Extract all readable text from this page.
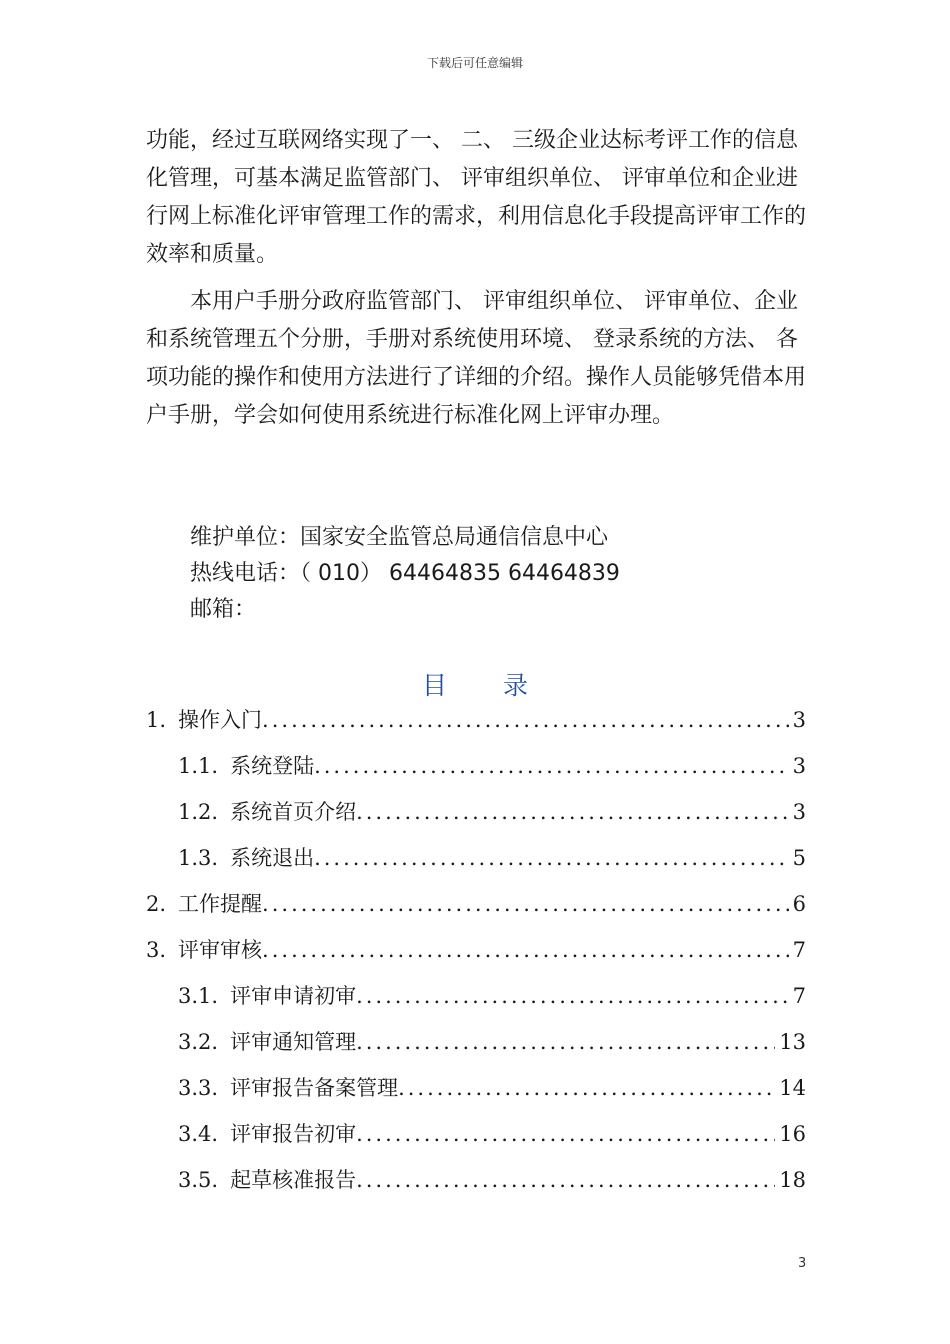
下载后可任意编辑

功能，经过互联网络实现了一、 二、 三级企业达标考评工作的信息化管理，可基本满足监管部门、 评审组织单位、 评审单位和企业进行网上标准化评审管理工作的需求，利用信息化手段提高评审工作的效率和质量。

本用户手册分政府监管部门、 评审组织单位、 评审单位、企业和系统管理五个分册，手册对系统使用环境、 登录系统的方法、 各项功能的操作和使用方法进行了详细的介绍。操作人员能够凭借本用户手册，学会如何使用系统进行标准化网上评审办理。

维护单位：国家安全监管总局通信信息中心
热线电话：（ 010） 64464835 64464839
邮箱：
目 录
1. 操作入门 .....	3
1.1. 系统登陆 .....	3
1.2. 系统首页介绍 .....	3
1.3. 系统退出 .....	5
2. 工作提醒 .....	6
3. 评审审核 .....	7
3.1. 评审申请初审 .....	7
3.2. 评审通知管理 .....	13
3.3. 评审报告备案管理 .....	14
3.4. 评审报告初审 .....	16
3.5. 起草核准报告 .....	18
3
